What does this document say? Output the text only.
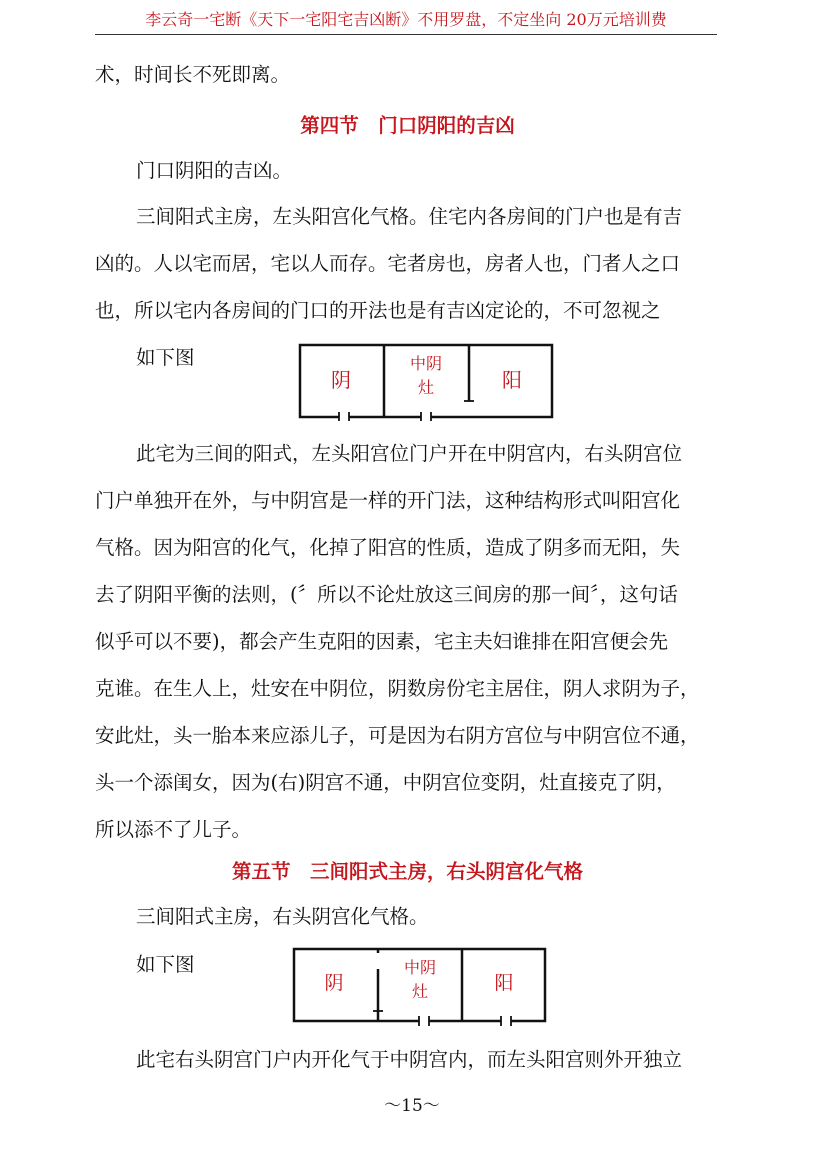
李云奇一宅断《天下一宅阳宅吉凶断》不用罗盘，不定坐向 20万元培训费

术，时间长不死即离。

第四节　门口阴阳的吉凶

门口阴阳的吉凶。

三间阳式主房，左头阳宫化气格。住宅内各房间的门户也是有吉

凶的。人以宅而居，宅以人而存。宅者房也，房者人也，门者人之口

也，所以宅内各房间的门口的开法也是有吉凶定论的，不可忽视之

如下图

阴
中阴
灶	阳

此宅为三间的阳式，左头阳宫位门户开在中阴宫内，右头阴宫位

门户单独开在外，与中阴宫是一样的开门法，这种结构形式叫阳宫化

气格。因为阳宫的化气，化掉了阳宫的性质，造成了阴多而无阳，失

去了阴阳平衡的法则，(〞所以不论灶放这三间房的那一间〞，这句话

似乎可以不要)，都会产生克阳的因素，宅主夫妇谁排在阳宫便会先

克谁。在生人上，灶安在中阴位，阴数房份宅主居住，阴人求阴为子，

安此灶，头一胎本来应添儿子，可是因为右阴方宫位与中阴宫位不通，

头一个添闺女，因为(右)阴宫不通，中阴宫位变阴，灶直接克了阴，

所以添不了儿子。

第五节　三间阳式主房，右头阴宫化气格

三间阳式主房，右头阴宫化气格。

如下图

阴
中阴
灶	阳

此宅右头阴宫门户内开化气于中阴宫内，而左头阳宫则外开独立

～15～
